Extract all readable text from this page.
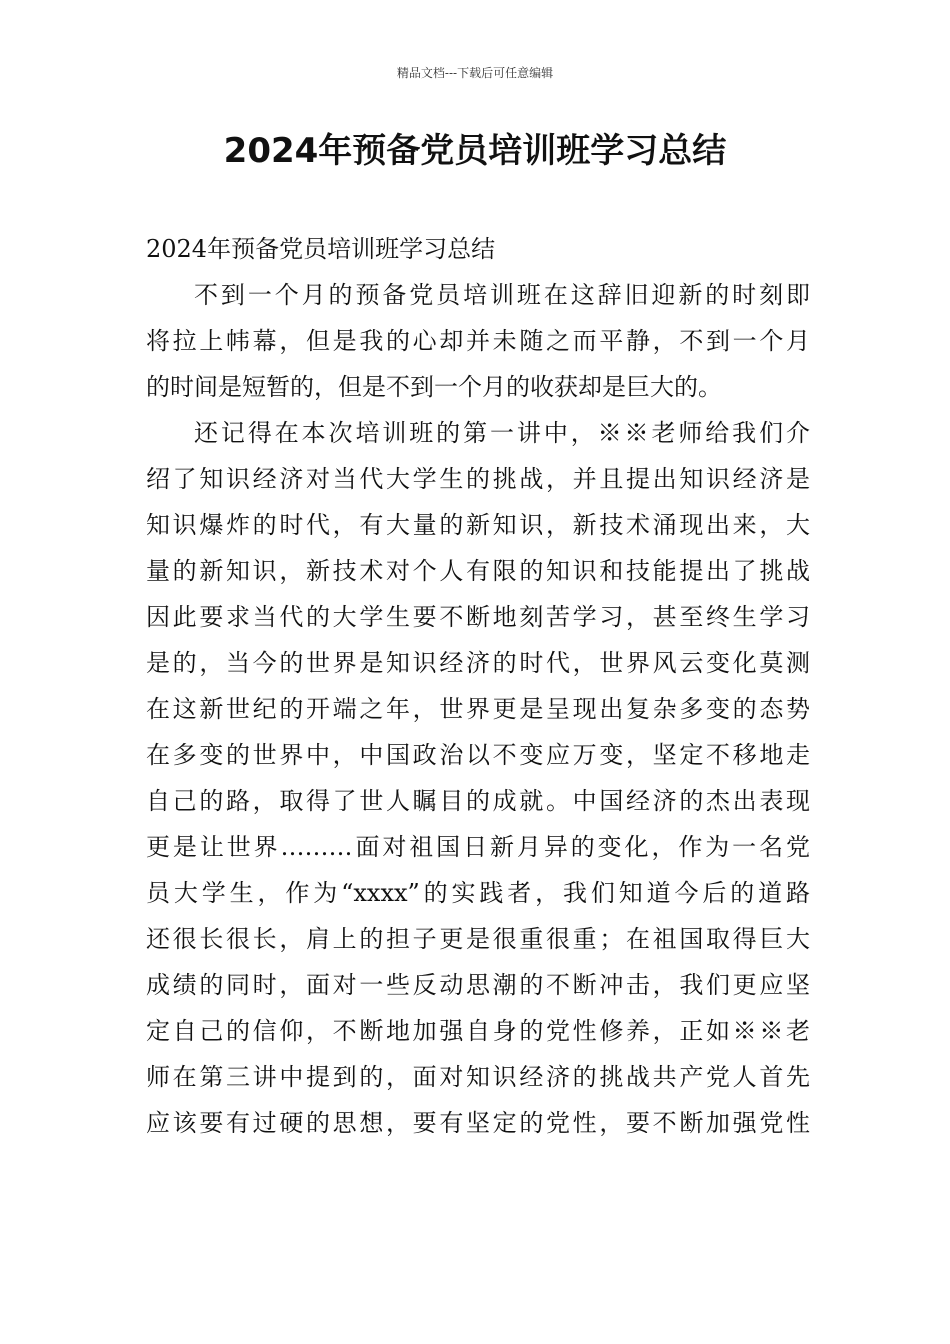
精品文档---下载后可任意编辑
2024年预备党员培训班学习总结

2024年预备党员培训班学习总结

不到一个月的预备党员培训班在这辞旧迎新的时刻即
将拉上帏幕，但是我的心却并未随之而平静，不到一个月
的时间是短暂的，但是不到一个月的收获却是巨大的。

还记得在本次培训班的第一讲中，※※老师给我们介
绍了知识经济对当代大学生的挑战，并且提出知识经济是
知识爆炸的时代，有大量的新知识，新技术涌现出来，大
量的新知识，新技术对个人有限的知识和技能提出了挑战
因此要求当代的大学生要不断地刻苦学习，甚至终生学习
是的，当今的世界是知识经济的时代，世界风云变化莫测
在这新世纪的开端之年，世界更是呈现出复杂多变的态势
在多变的世界中，中国政治以不变应万变，坚定不移地走
自己的路，取得了世人瞩目的成就。中国经济的杰出表现
更是让世界………面对祖国日新月异的变化，作为一名党
员大学生，作为“xxxx”的实践者，我们知道今后的道路
还很长很长，肩上的担子更是很重很重；在祖国取得巨大
成绩的同时，面对一些反动思潮的不断冲击，我们更应坚
定自己的信仰，不断地加强自身的党性修养，正如※※老
师在第三讲中提到的，面对知识经济的挑战共产党人首先
应该要有过硬的思想，要有坚定的党性，要不断加强党性
